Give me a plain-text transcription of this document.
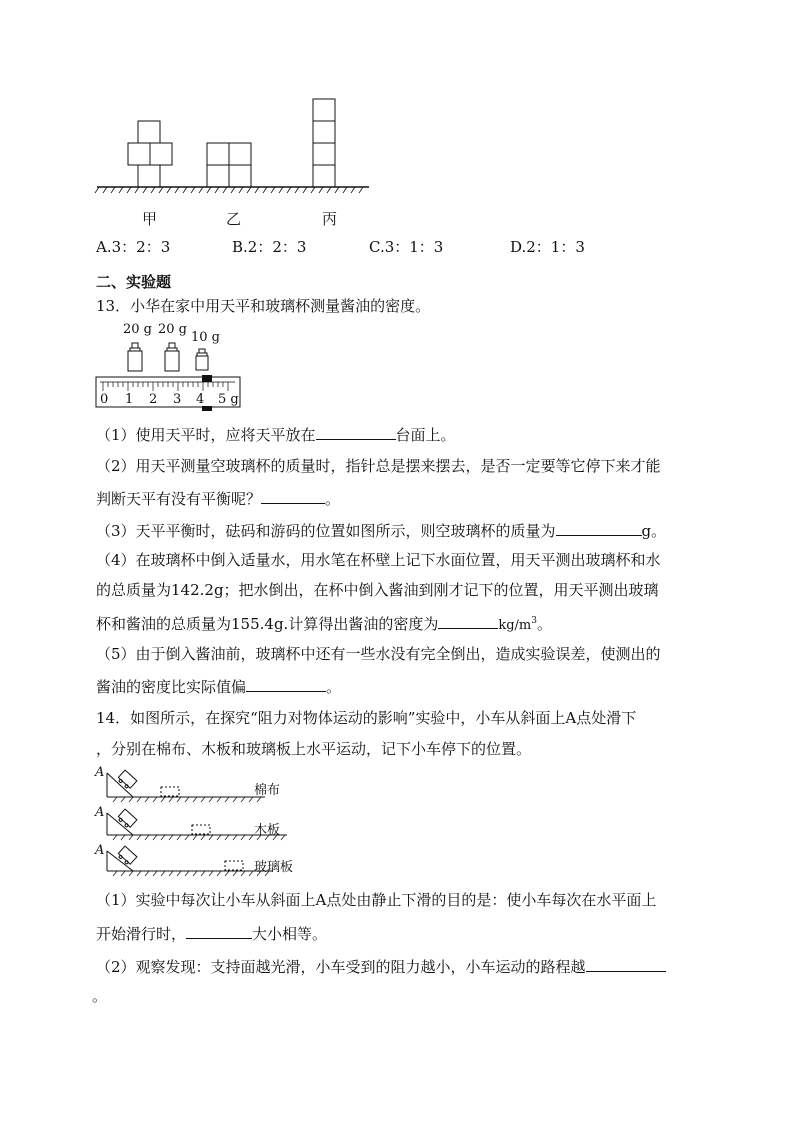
甲	乙	丙
A.3：2：3	B.2：2：3	C.3：1：3	D.2：1：3
二、实验题
13．小华在家中用天平和玻璃杯测量酱油的密度。
20 g 20 g
10 g
0 1 2 3 4 5 g
（1）使用天平时，应将天平放在	台面上。
（2）用天平测量空玻璃杯的质量时，指针总是摆来摆去，是否一定要等它停下来才能
判断天平有没有平衡呢？	。
（3）天平平衡时，砝码和游码的位置如图所示，则空玻璃杯的质量为	g。
（4）在玻璃杯中倒入适量水，用水笔在杯壁上记下水面位置，用天平测出玻璃杯和水
的总质量为142.2g；把水倒出，在杯中倒入酱油到刚才记下的位置，用天平测出玻璃
杯和酱油的总质量为155.4g.计算得出酱油的密度为	$kg/m^3$。
（5）由于倒入酱油前，玻璃杯中还有一些水没有完全倒出，造成实验误差，使测出的
酱油的密度比实际值偏	。
14．如图所示，在探究“阻力对物体运动的影响”实验中，小车从斜面上A点处滑下
，分别在棉布、木板和玻璃板上水平运动，记下小车停下的位置。
A
棉布
A
木板
A
玻璃板
（1）实验中每次让小车从斜面上A点处由静止下滑的目的是：使小车每次在水平面上
开始滑行时，	大小相等。
（2）观察发现：支持面越光滑，小车受到的阻力越小，小车运动的路程越
。
